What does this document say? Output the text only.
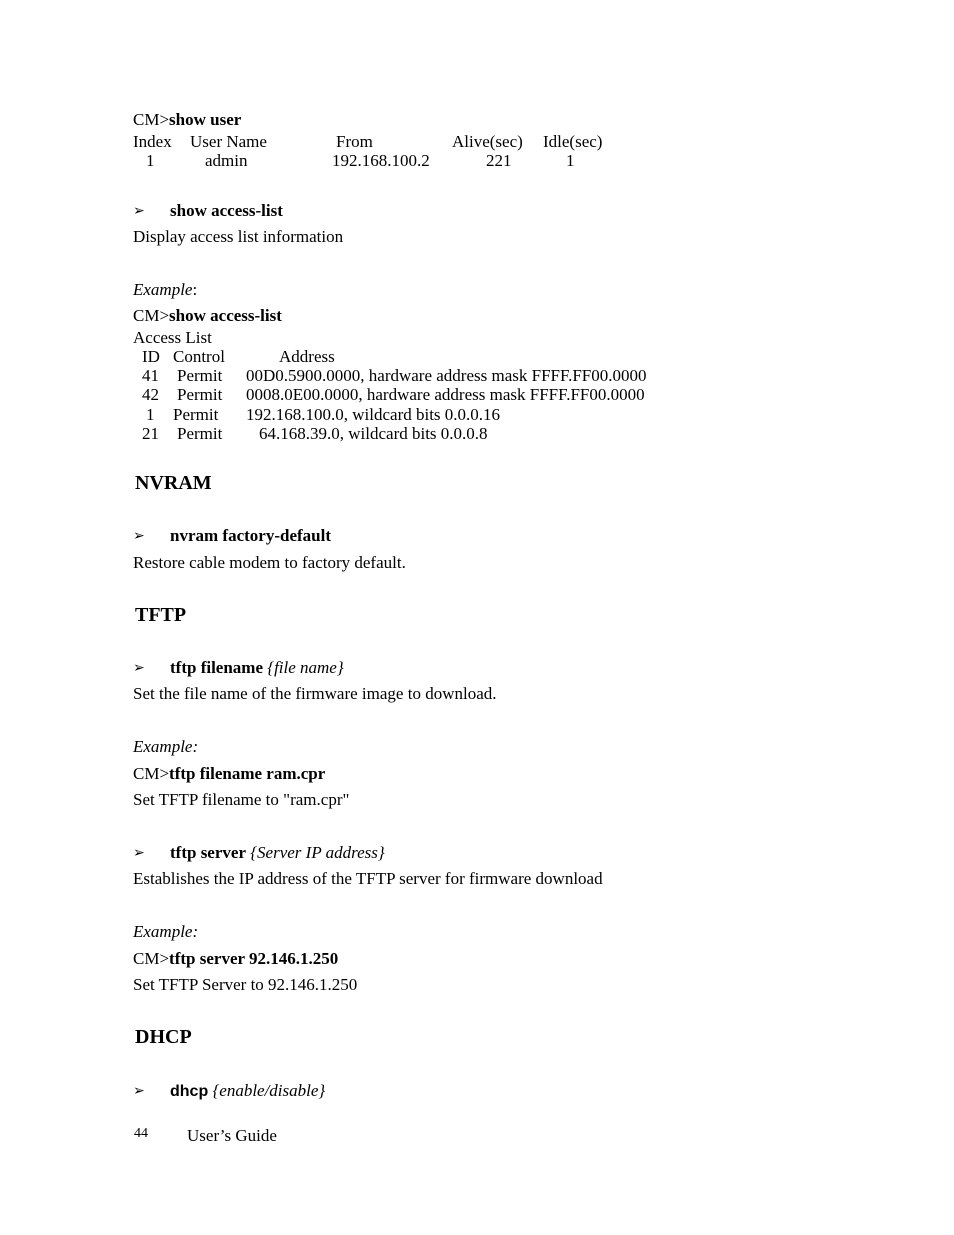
CM>show user
Index User Name	From	Alive(sec) Idle(sec)
1	admin	192.168.100.2	221	1
➢ show access-list
Display access list information
Example:
CM>show access-list
Access List
ID Control	Address
41 Permit 00D0.5900.0000, hardware address mask FFFF.FF00.0000
42 Permit 0008.0E00.0000, hardware address mask FFFF.FF00.0000
1 Permit 192.168.100.0, wildcard bits 0.0.0.16
21 Permit 64.168.39.0, wildcard bits 0.0.0.8
NVRAM
➢ nvram factory-default
Restore cable modem to factory default.
TFTP
➢ tftp filename {file name}
Set the file name of the firmware image to download.
Example:
CM>tftp filename ram.cpr
Set TFTP filename to "ram.cpr"
➢ tftp server {Server IP address}
Establishes the IP address of the TFTP server for firmware download
Example:
CM>tftp server 92.146.1.250
Set TFTP Server to 92.146.1.250
DHCP
➢ dhcp {enable/disable}
44 User’s Guide
